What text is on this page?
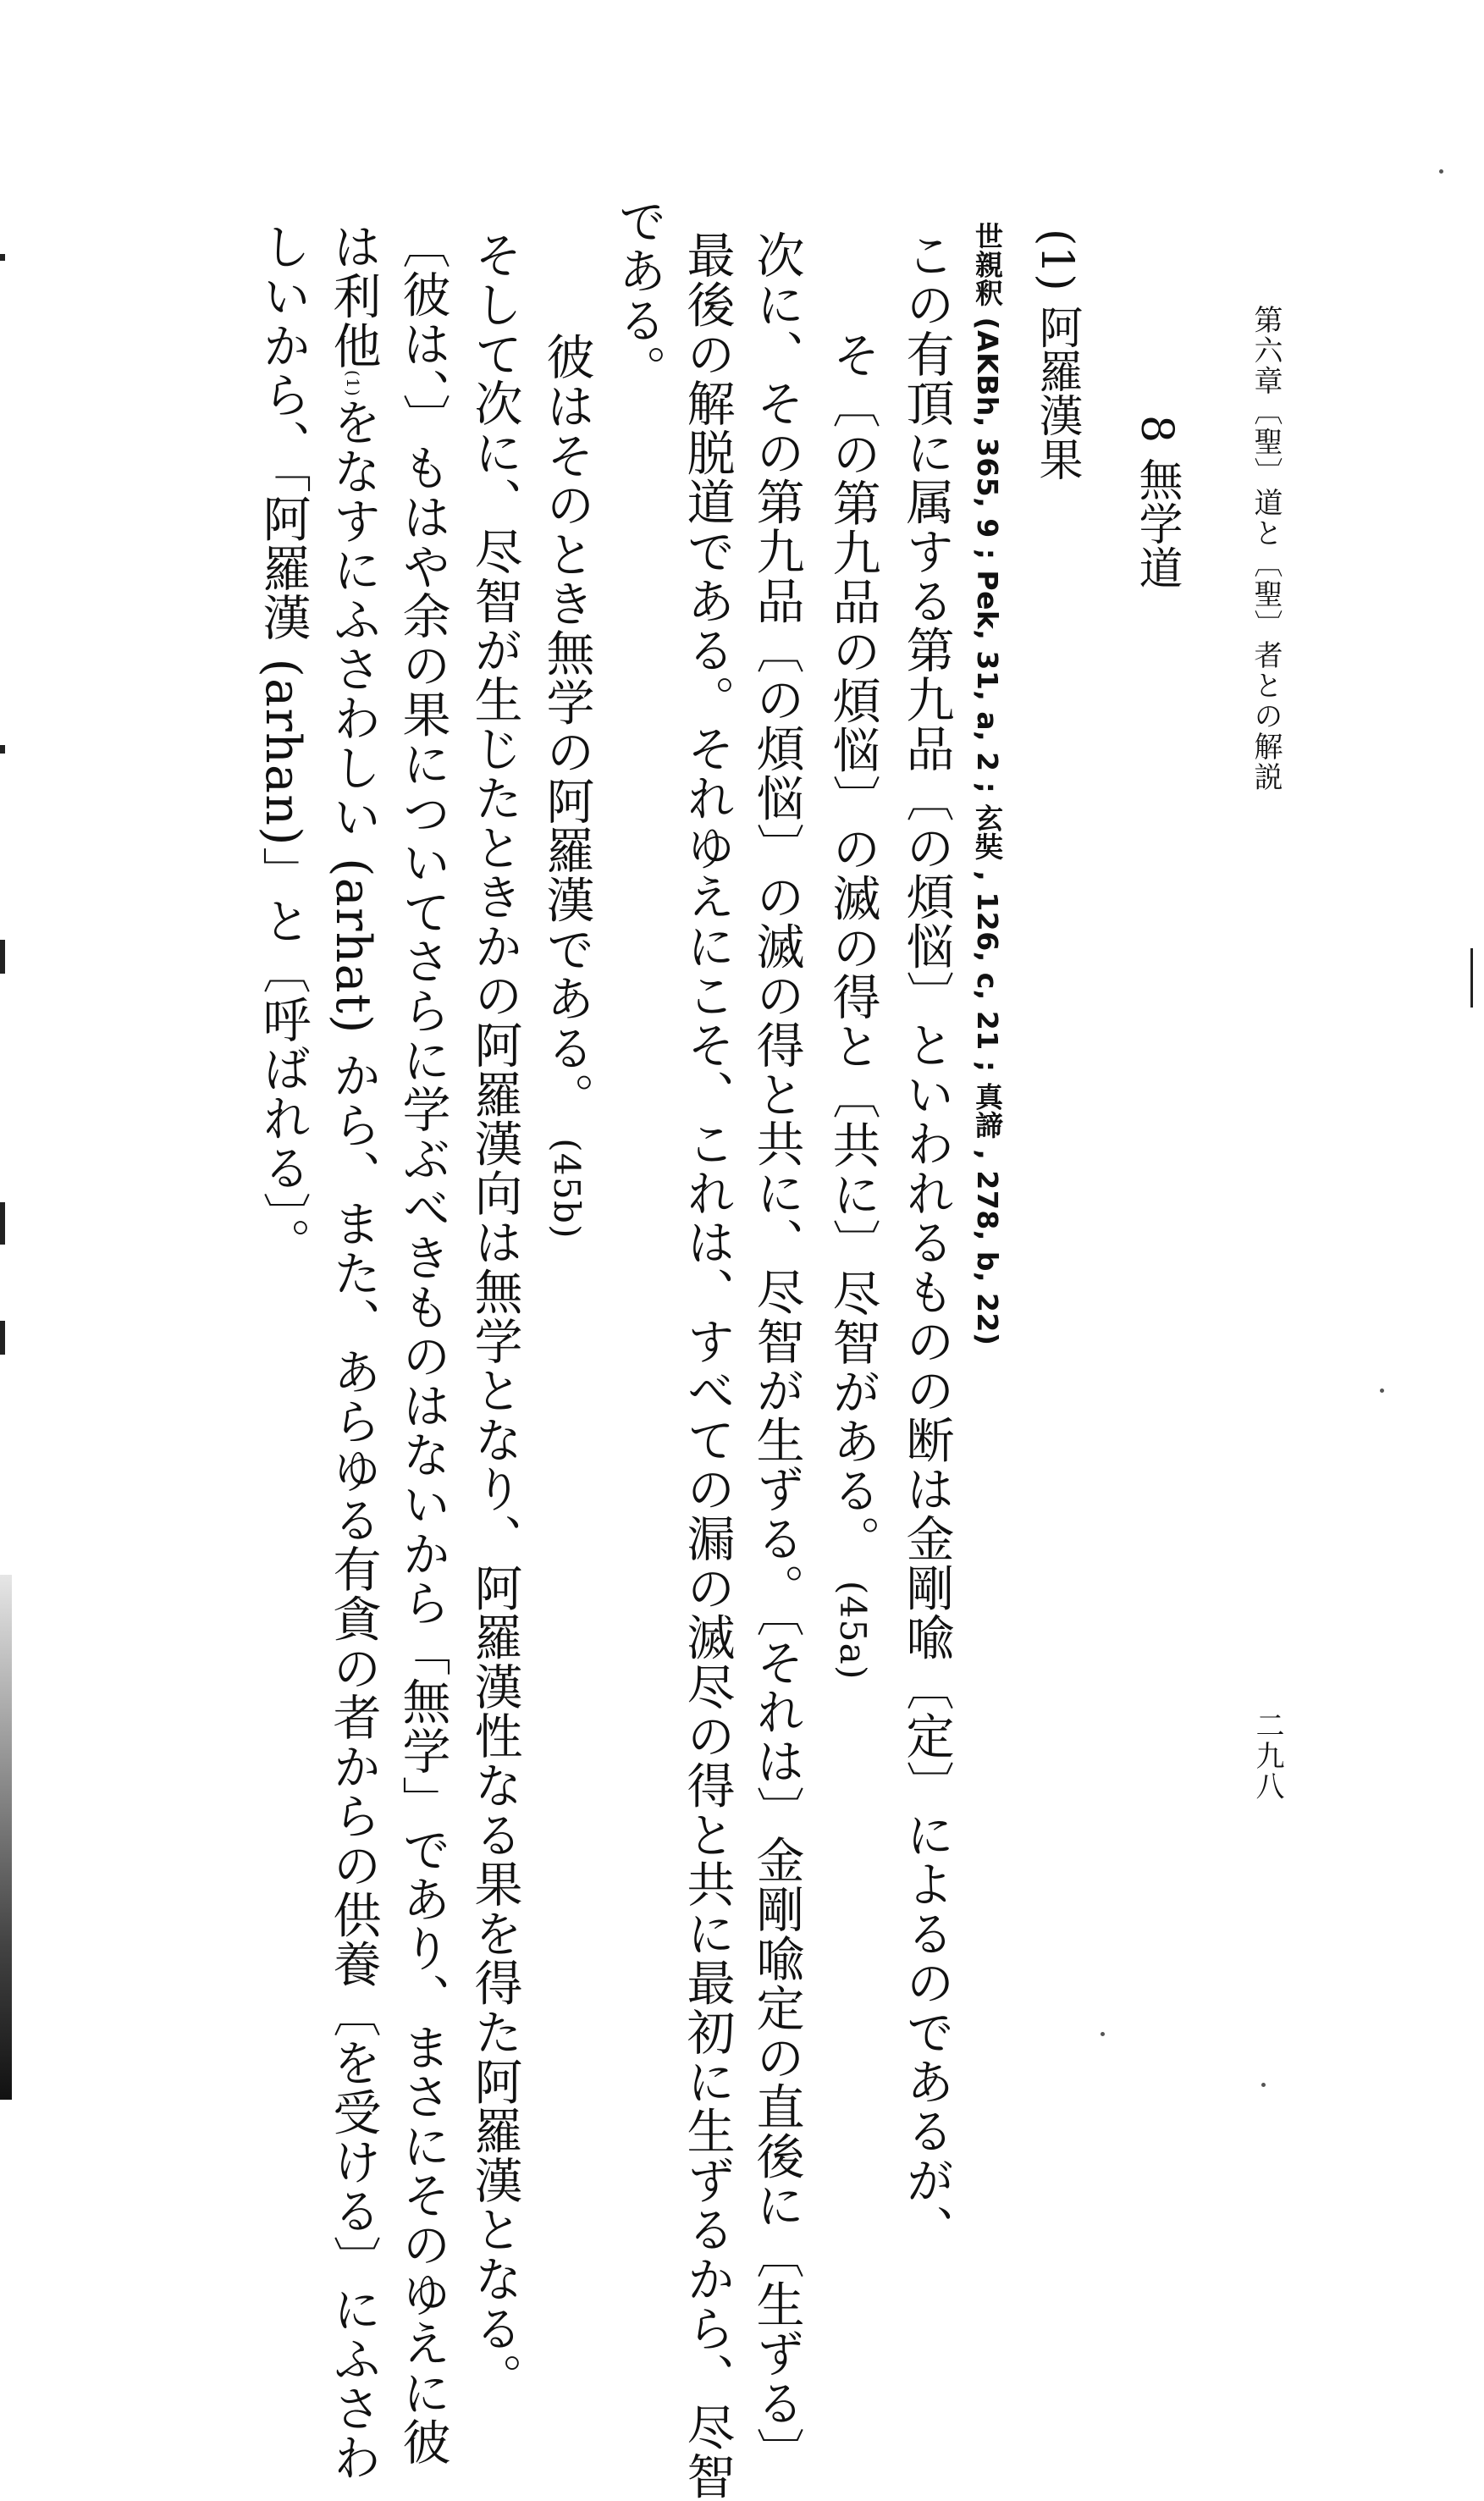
第六章〔聖〕道と〔聖〕者との解説
二九八
8 無学道
(1) 阿羅漢果
世親釈 (AKBh, 365, 9 ; Pek, 31, a, 2 ; 玄奘 , 126, c, 21 ; 真諦 , 278, b, 22)
この有頂に属する第九品〔の煩悩〕といわれるものの断は金剛喩〔定〕によるのであるが、
そ〔の第九品の煩悩〕の滅の得と〔共に〕尽智がある。 (45a)
次に、その第九品〔の煩悩〕の滅の得と共に、尽智が生ずる。〔それは〕金剛喩定の直後に〔生ずる〕
最後の解脱道である。それゆえにこそ、これは、すべての漏の滅尽の得と共に最初に生ずるから、尽智
である。
彼はそのとき無学の阿羅漢である。 (45b)
そして次に、尽智が生じたときかの阿羅漢向は無学となり、阿羅漢性なる果を得た阿羅漢となる。
〔彼は、〕もはや余の果についてさらに学ぶべきものはないから「無学」であり、まさにそのゆえに彼
は利他(1)をなすにふさわしい (arhat) から、また、あらゆる有貪の者からの供養〔を受ける〕にふさわ
しいから、「阿羅漢 (arhan)」と〔呼ばれる〕。
